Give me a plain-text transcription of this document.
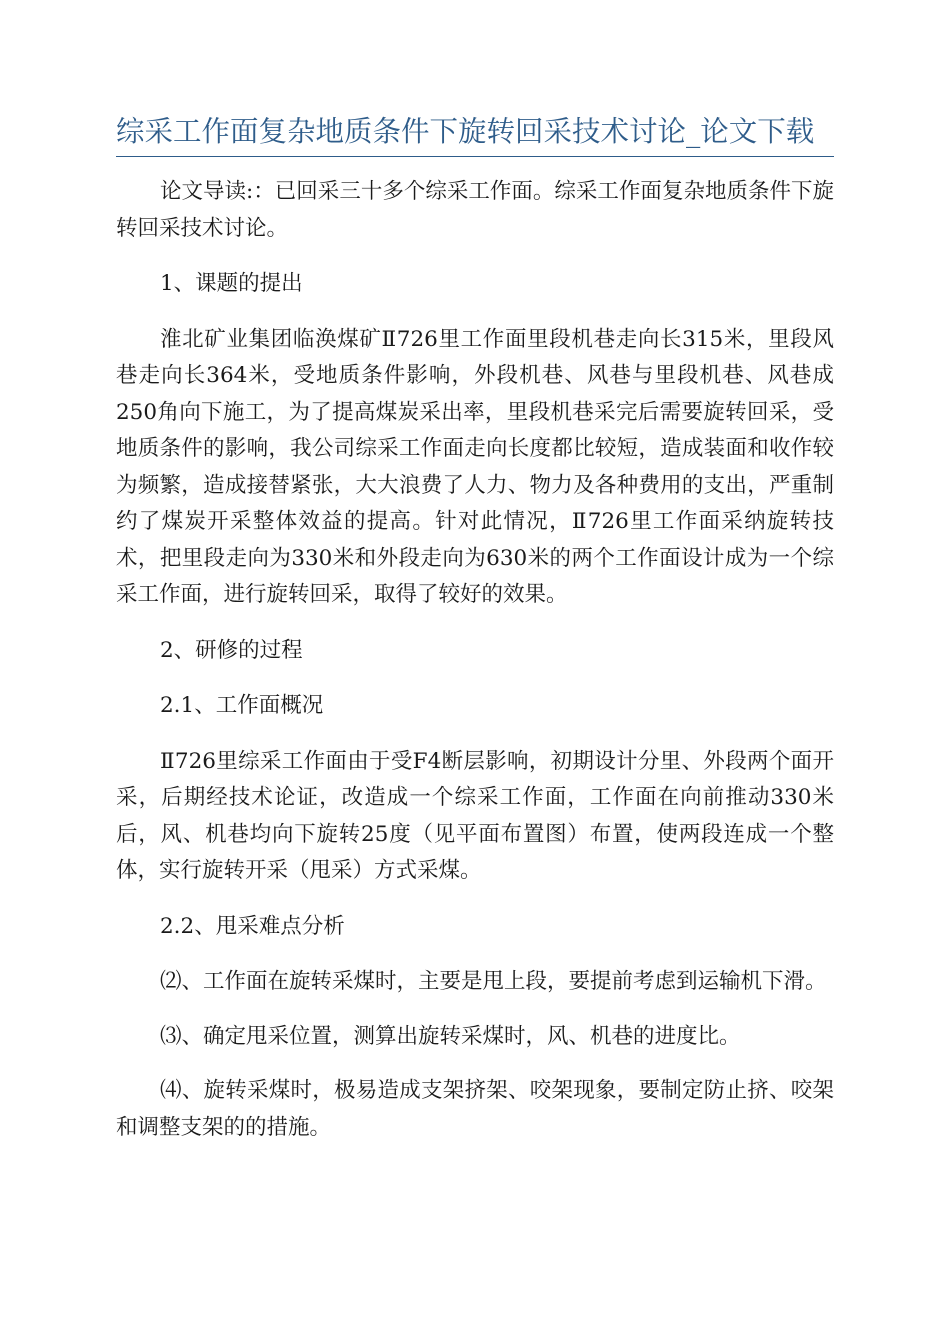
综采工作面复杂地质条件下旋转回采技术讨论_论文下载

论文导读:：已回采三十多个综采工作面。综采工作面复杂地质条件下旋转回采技术讨论。

1、课题的提出

淮北矿业集团临涣煤矿Ⅱ726里工作面里段机巷走向长315米，里段风巷走向长364米，受地质条件影响，外段机巷、风巷与里段机巷、风巷成250角向下施工，为了提高煤炭采出率，里段机巷采完后需要旋转回采，受地质条件的影响，我公司综采工作面走向长度都比较短，造成装面和收作较为频繁，造成接替紧张，大大浪费了人力、物力及各种费用的支出，严重制约了煤炭开采整体效益的提高。针对此情况，Ⅱ726里工作面采纳旋转技术，把里段走向为330米和外段走向为630米的两个工作面设计成为一个综采工作面，进行旋转回采，取得了较好的效果。

2、研修的过程

2.1、工作面概况

Ⅱ726里综采工作面由于受F4断层影响，初期设计分里、外段两个面开采，后期经技术论证，改造成一个综采工作面，工作面在向前推动330米后，风、机巷均向下旋转25度（见平面布置图）布置，使两段连成一个整体，实行旋转开采（甩采）方式采煤。

2.2、甩采难点分析

⑵、工作面在旋转采煤时，主要是甩上段，要提前考虑到运输机下滑。

⑶、确定甩采位置，测算出旋转采煤时，风、机巷的进度比。

⑷、旋转采煤时，极易造成支架挤架、咬架现象，要制定防止挤、咬架和调整支架的的措施。
